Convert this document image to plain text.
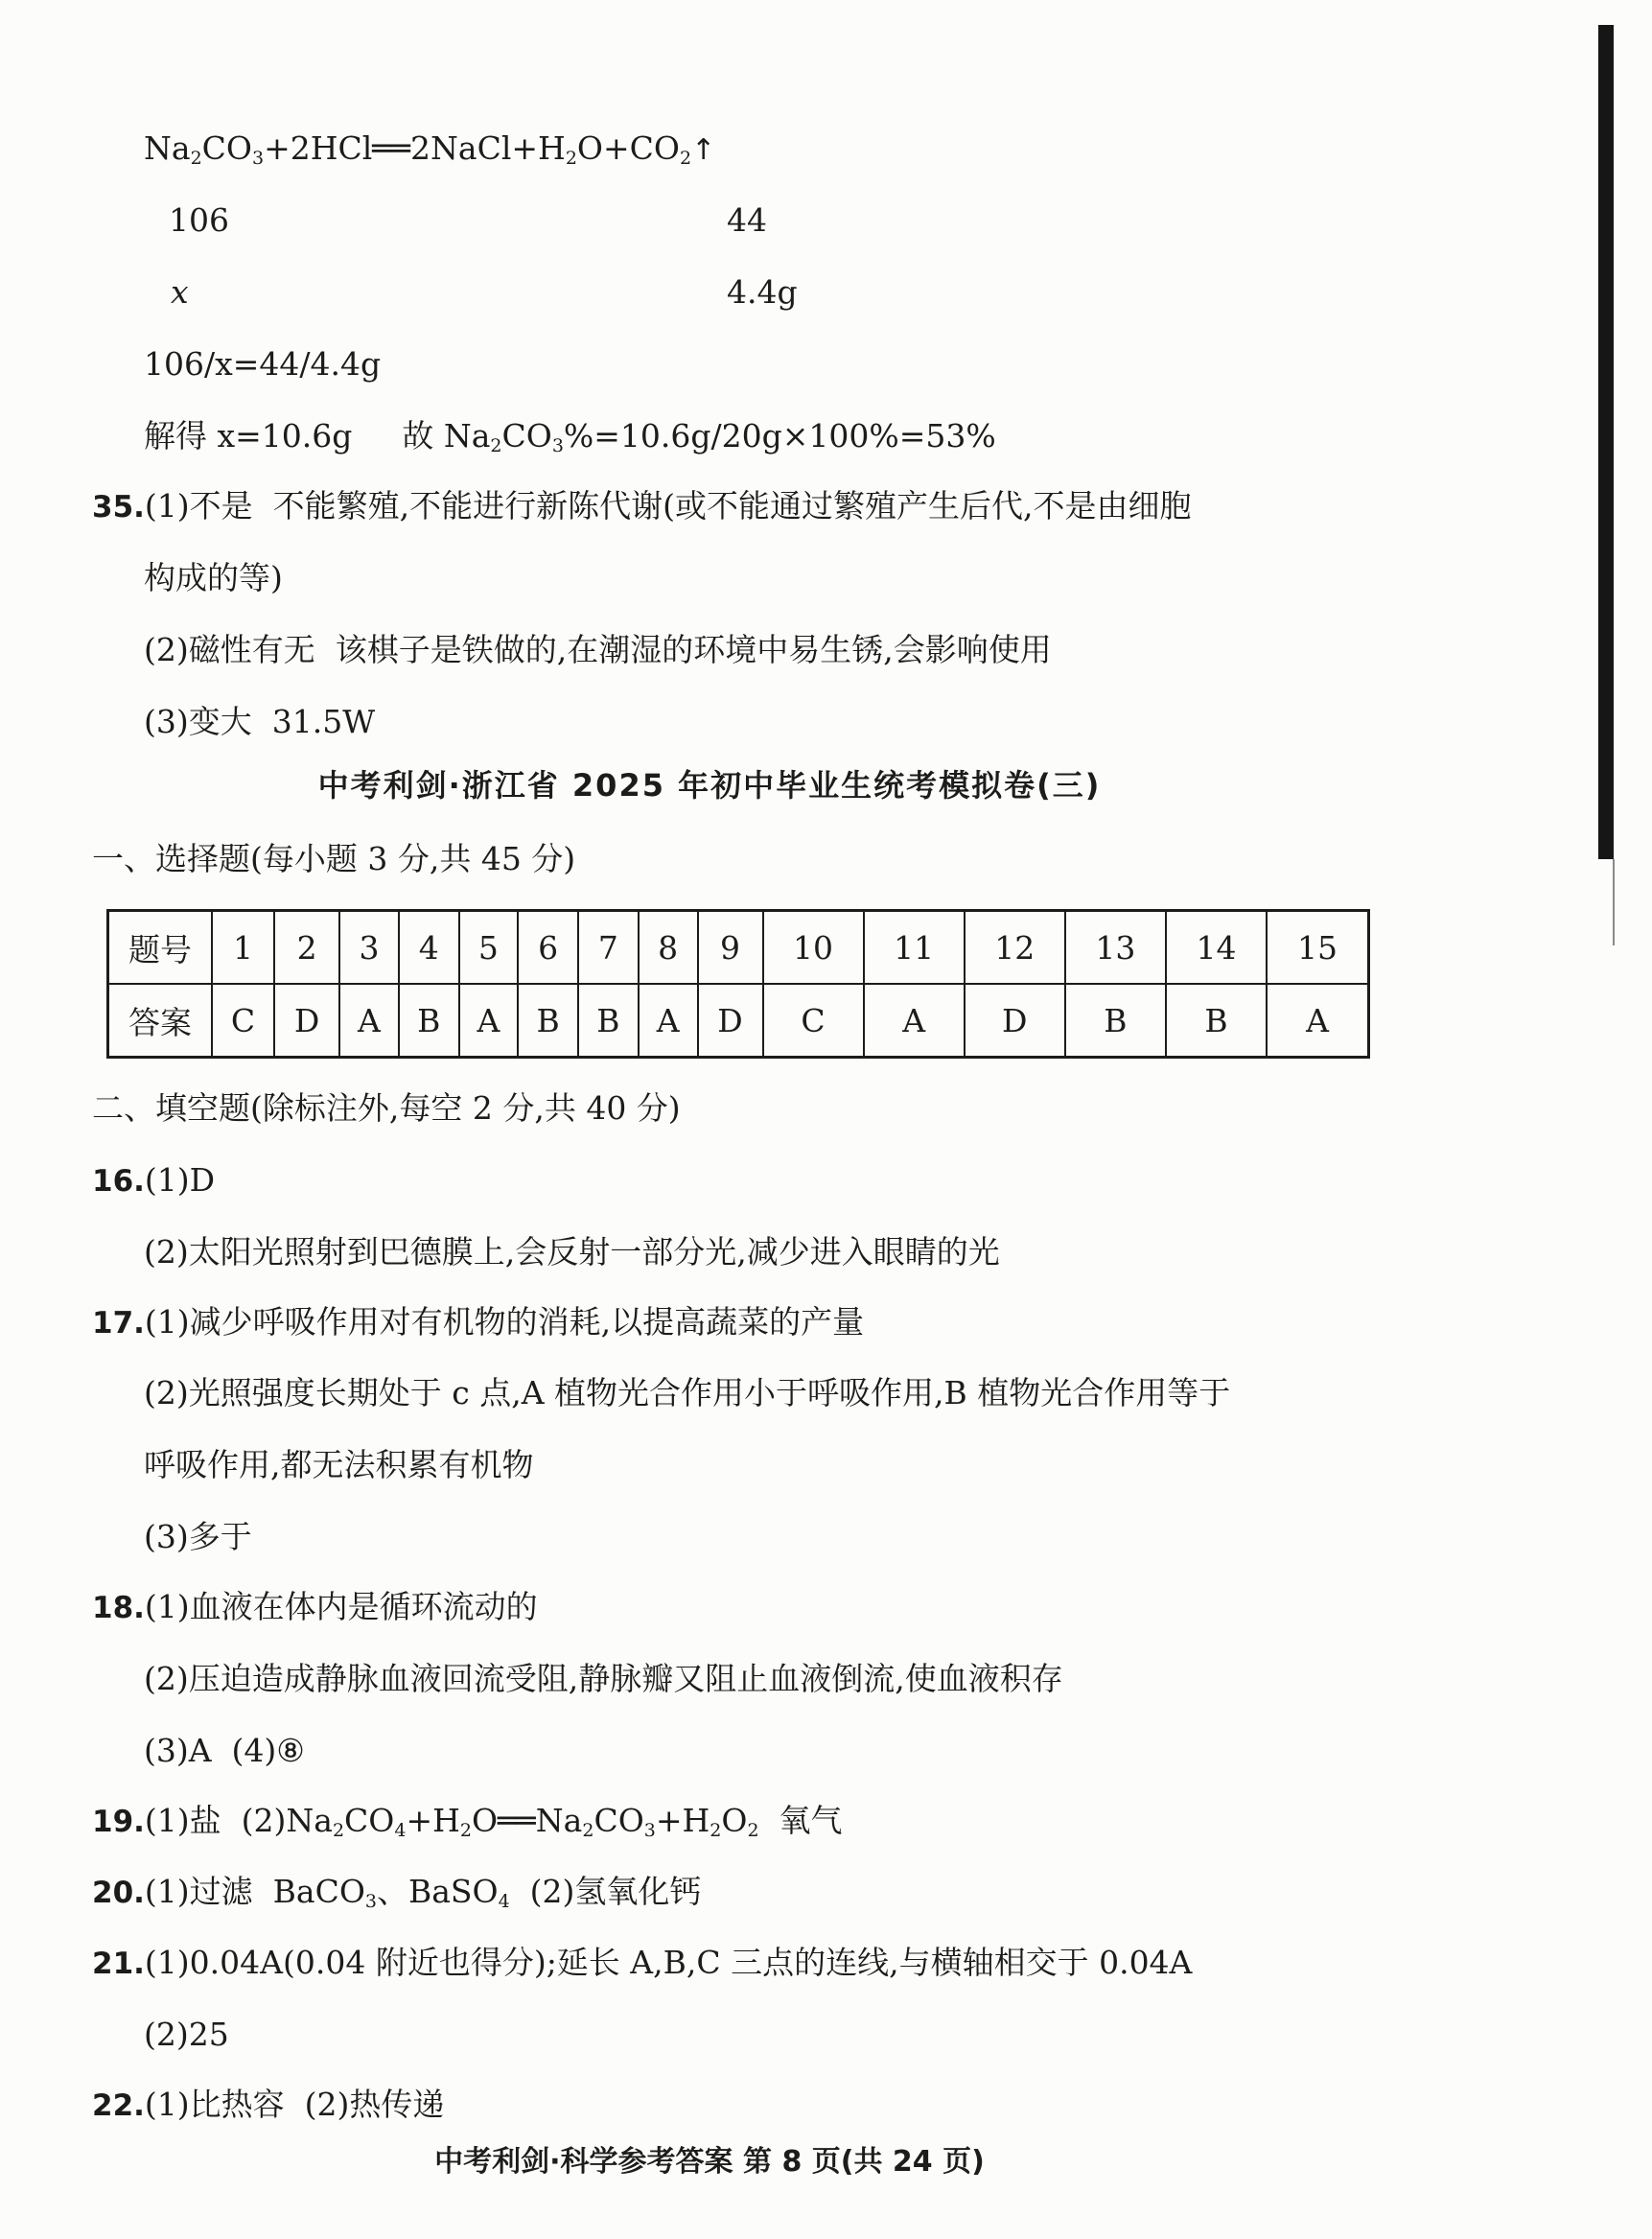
$Na_2CO_3+2HCl══2NaCl+H_2O+CO_2↑$
106	44
x	4.4g
106/x=44/4.4g
解得 x=10.6g 故 $Na_2CO_3\%=10.6g/20g\times 100\%=53\%$
35.(1)不是  不能繁殖,不能进行新陈代谢(或不能通过繁殖产生后代,不是由细胞
构成的等)
(2)磁性有无  该棋子是铁做的,在潮湿的环境中易生锈,会影响使用
(3)变大  31.5W
中考利剑·浙江省 2025 年初中毕业生统考模拟卷(三)
一、选择题(每小题 3 分,共 45 分)
题号	1	2	3	4	5	6	7	8	9	10	11	12	13	14	15
答案	C	D	A	B	A	B	B	A	D	C	A	D	B	B	A
二、填空题(除标注外,每空 2 分,共 40 分)
16.(1)D
(2)太阳光照射到巴德膜上,会反射一部分光,减少进入眼睛的光
17.(1)减少呼吸作用对有机物的消耗,以提高蔬菜的产量
(2)光照强度长期处于 c 点,A 植物光合作用小于呼吸作用,B 植物光合作用等于
呼吸作用,都无法积累有机物
(3)多于
18.(1)血液在体内是循环流动的
(2)压迫造成静脉血液回流受阻,静脉瓣又阻止血液倒流,使血液积存
(3)A  (4)⑧
19.(1)盐  $(2)Na_2CO_4+H_2O══Na_2CO_3+H_2O_2$  氧气
20.(1)过滤  BaCO$_3$、BaSO$_4$  (2)氢氧化钙
21.(1)0.04A(0.04 附近也得分);延长 A,B,C 三点的连线,与横轴相交于 0.04A
(2)25
22.(1)比热容  (2)热传递
中考利剑·科学参考答案 第 8 页(共 24 页)
